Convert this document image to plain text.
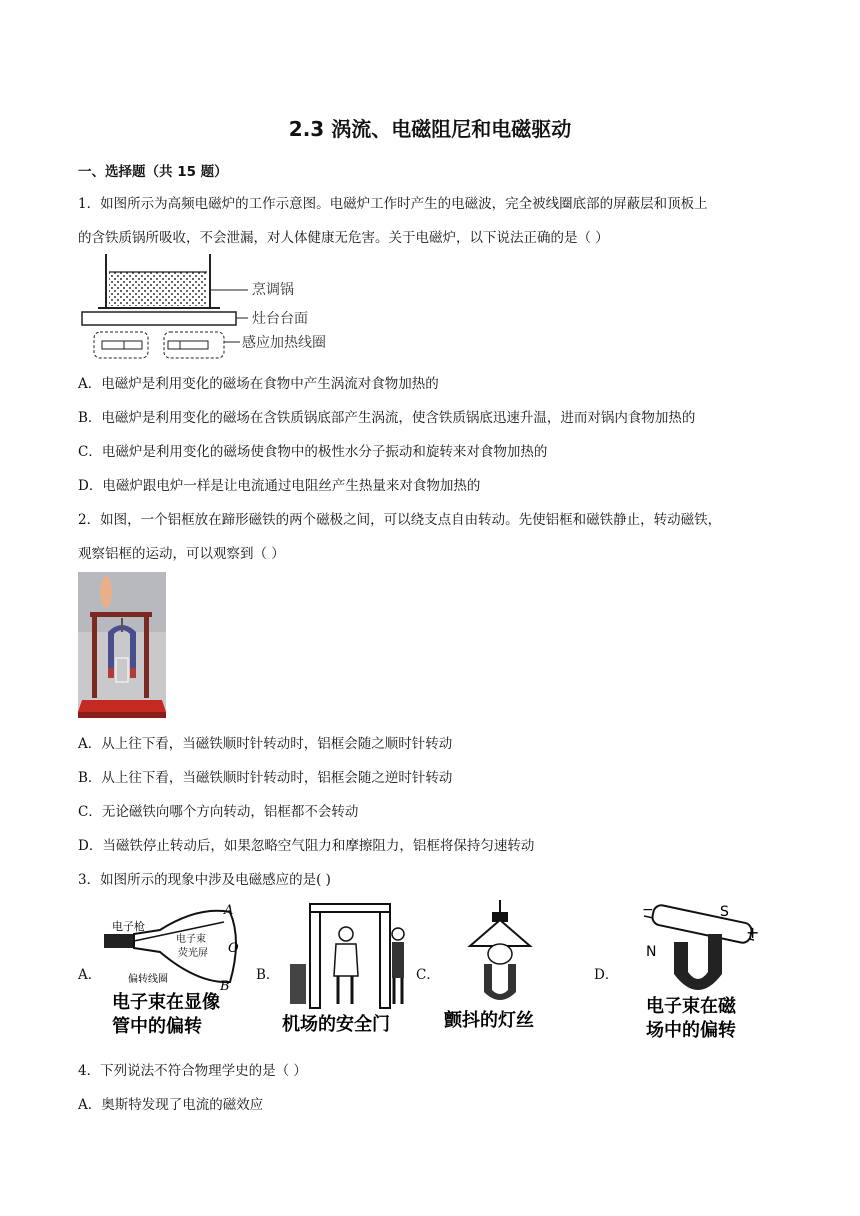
2.3 涡流、电磁阻尼和电磁驱动
一、选择题（共 15 题）
1．如图所示为高频电磁炉的工作示意图。电磁炉工作时产生的电磁波，完全被线圈底部的屏蔽层和顶板上
的含铁质锅所吸收，不会泄漏，对人体健康无危害。关于电磁炉，以下说法正确的是（ ）
烹调锅
灶台台面
感应加热线圈
A．电磁炉是利用变化的磁场在食物中产生涡流对食物加热的
B．电磁炉是利用变化的磁场在含铁质锅底部产生涡流，使含铁质锅底迅速升温，进而对锅内食物加热的
C．电磁炉是利用变化的磁场使食物中的极性水分子振动和旋转来对食物加热的
D．电磁炉跟电炉一样是让电流通过电阻丝产生热量来对食物加热的
2．如图，一个铝框放在蹄形磁铁的两个磁极之间，可以绕支点自由转动。先使铝框和磁铁静止，转动磁铁，
观察铝框的运动，可以观察到（ ）
A．从上往下看，当磁铁顺时针转动时，铝框会随之顺时针转动
B．从上往下看，当磁铁顺时针转动时，铝框会随之逆时针转动
C．无论磁铁向哪个方向转动，铝框都不会转动
D．当磁铁停止转动后，如果忽略空气阻力和摩擦阻力，铝框将保持匀速转动
3．如图所示的现象中涉及电磁感应的是( )
A．
电子枪
电子束
荧光屏
偏转线圈
A
O
B
电子束在显像
管中的偏转
B．
机场的安全门
C．
颤抖的灯丝
D．
−
+
S
N
电子束在磁
场中的偏转
4．下列说法不符合物理学史的是（ ）
A．奥斯特发现了电流的磁效应
